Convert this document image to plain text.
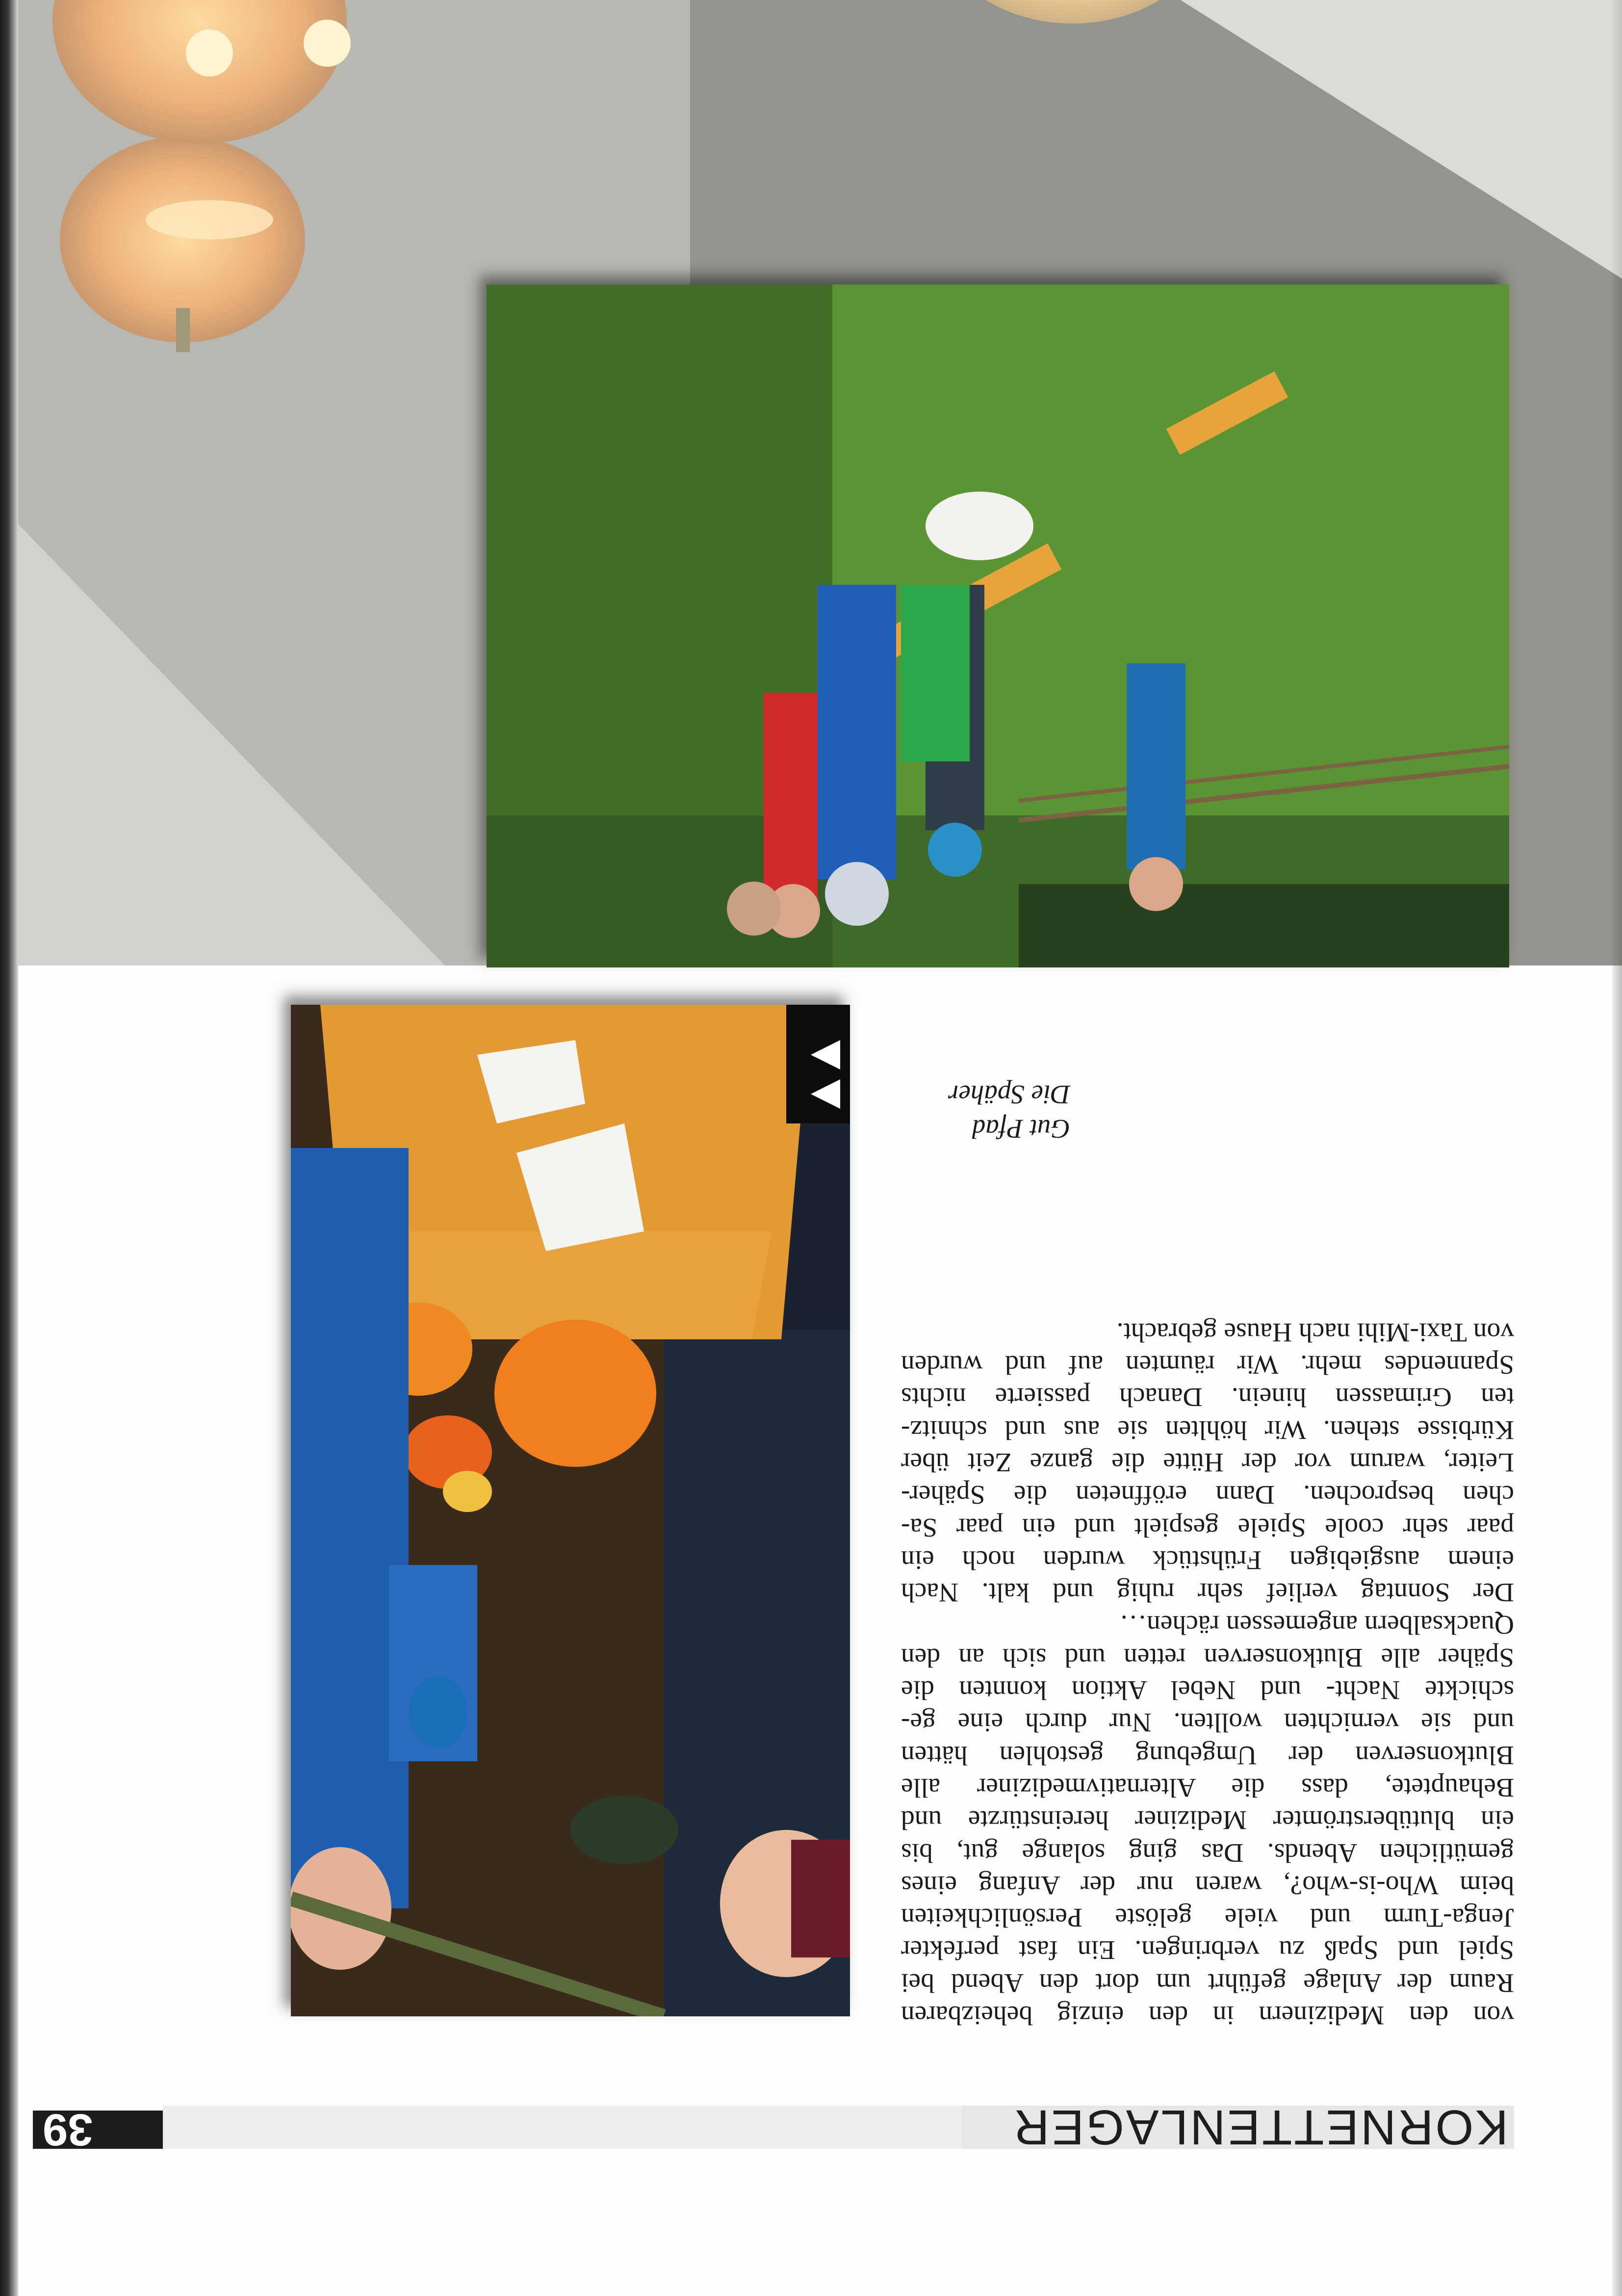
KORNETTENLAGER
39
von den Medizinern in den einzig beheizbaren
Raum der Anlage geführt um dort den Abend bei
Spiel und Spaß zu verbringen. Ein fast perfekter
Jenga-Turm und viele gelöste Persönlichkeiten
beim Who-is-who?, waren nur der Anfang eines
gemütlichen Abends. Das ging solange gut, bis
ein blutüberströmter Mediziner hereinstürzte und
Behauptete, dass die Alternativmediziner alle
Blutkonserven der Umgebung gestohlen hätten
und sie vernichten wollten. Nur durch eine ge-
schickte Nacht- und Nebel Aktion konnten die
Späher alle Blutkonserven retten und sich an den
Quacksalbern angemessen rächen…
Der Sonntag verlief sehr ruhig und kalt. Nach
einem ausgiebigen Frühstück wurden noch ein
paar sehr coole Spiele gespielt und ein paar Sa-
chen besprochen. Dann eröffneten die Späher-
Leiter, warum vor der Hütte die ganze Zeit über
Kürbisse stehen. Wir höhlten sie aus und schnitz-
ten Grimassen hinein. Danach passierte nichts
Spannendes mehr. Wir räumten auf und wurden
von Taxi-Mihi nach Hause gebracht.
Gut Pfad
Die Späher
